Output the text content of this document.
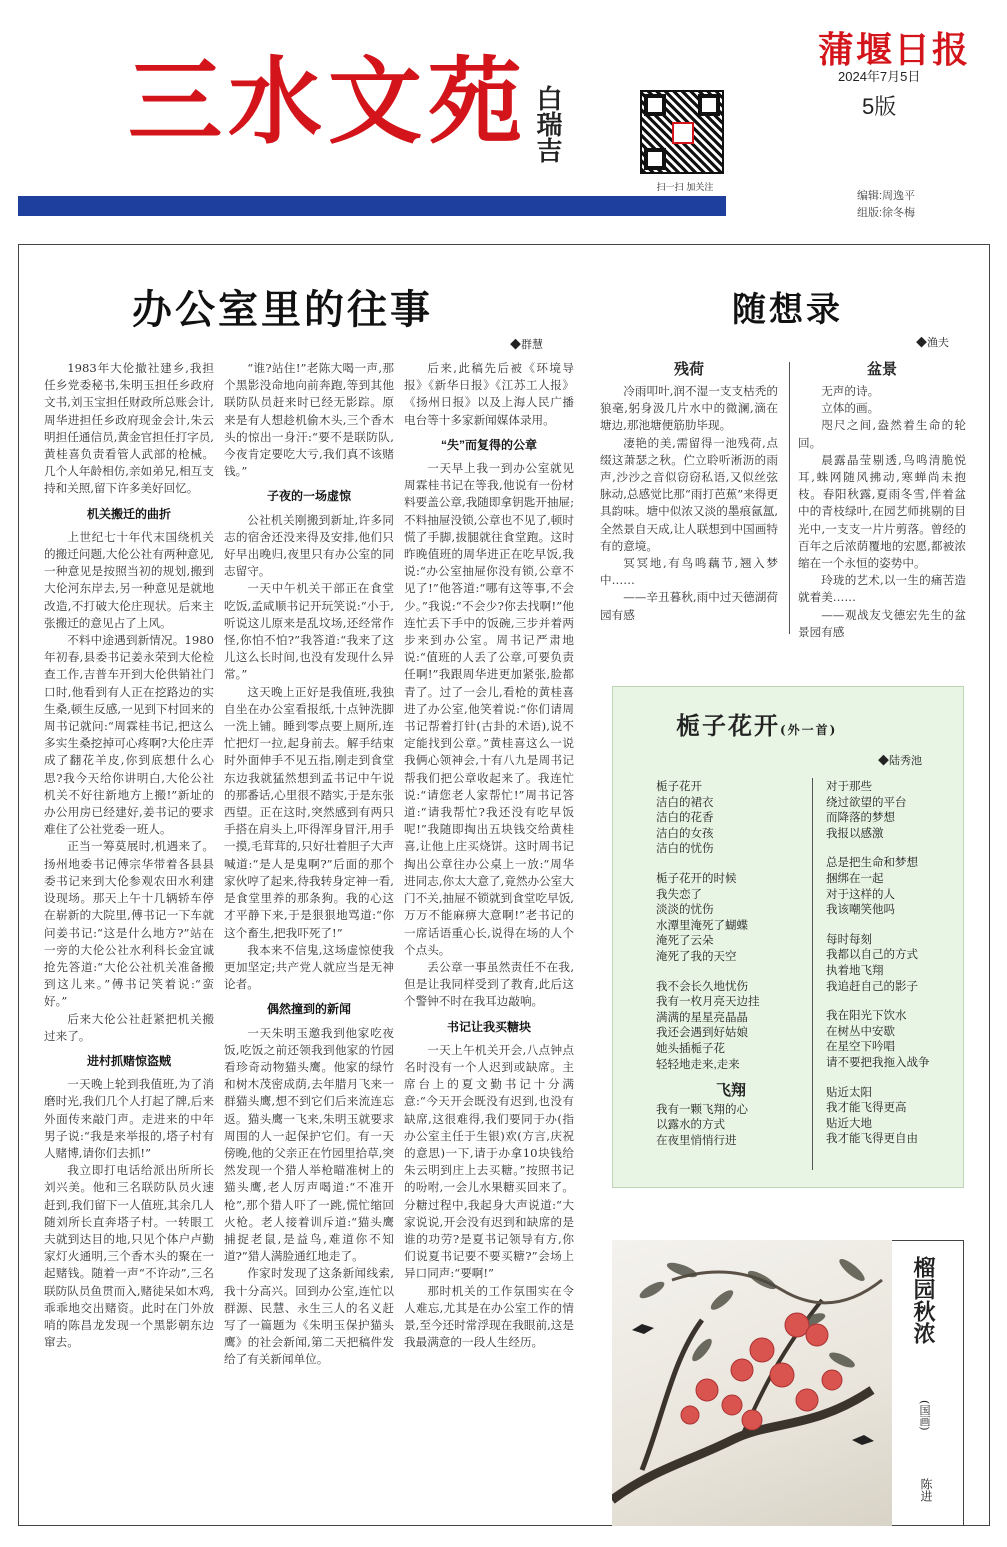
三水文苑 白瑞吉
扫一扫 加关注
蒲堰日报
2024年7月5日
5版
编辑:周逸平
组版:徐冬梅
办公室里的往事
◆群慧

1983年大伦撤社建乡,我担任乡党委秘书,朱明玉担任乡政府文书,刘玉宝担任财政所总账会计,周华进担任乡政府现金会计,朱云明担任通信员,黄金官担任打字员,黄桂喜负责看管人武部的枪械。几个人年龄相仿,亲如弟兄,相互支持和关照,留下许多美好回忆。

机关搬迁的曲折

上世纪七十年代末国绕机关的搬迁问题,大伦公社有两种意见,一种意见是按照当初的规划,搬到大伦河东岸去,另一种意见是就地改造,不打破大伦庄现状。后来主张搬迁的意见占了上风。

不料中途遇到新情况。1980年初春,县委书记姜永荣到大伦检查工作,吉普车开到大伦供销社门口时,他看到有人正在挖路边的实生桑,顿生反感,一见到下村回来的周书记就问:“周霖桂书记,把这么多实生桑挖掉可心疼啊?大伦庄弄成了翻花羊皮,你到底想什么心思?我今天给你讲明白,大伦公社机关不好往新地方上搬!”新址的办公用房已经建好,姜书记的要求难住了公社党委一班人。

正当一筹莫展时,机遇来了。扬州地委书记傅宗华带着各县县委书记来到大伦参观农田水利建设现场。那天上午十几辆轿车停在崭新的大院里,傅书记一下车就问姜书记:“这是什么地方?”站在一旁的大伦公社水利科长金宜诚抢先答道:“大伦公社机关准备搬到这儿来。”傅书记笑着说:“蛮好。”

后来大伦公社赶紧把机关搬过来了。

进村抓赌惊盗贼

一天晚上轮到我值班,为了消磨时光,我们几个人打起了牌,后来外面传来敲门声。走进来的中年男子说:“我是来举报的,塔子村有人赌博,请你们去抓!”

我立即打电话给派出所所长刘兴美。他和三名联防队员火速赶到,我们留下一人值班,其余几人随刘所长直奔塔子村。一转眼工夫就到达目的地,只见个体户卢勤家灯火通明,三个香木头的聚在一起赌钱。随着一声“不许动”,三名联防队员鱼贯而入,赌徒呆如木鸡,乖乖地交出赌资。此时在门外放哨的陈昌龙发现一个黑影朝东边窜去。

“谁?站住!”老陈大喝一声,那个黑影没命地向前奔跑,等到其他联防队员赶来时已经无影踪。原来是有人想趁机偷木头,三个香木头的惊出一身汗:“要不是联防队,今夜肯定要吃大亏,我们真不该赌钱。”

子夜的一场虚惊

公社机关刚搬到新址,许多同志的宿舍还没来得及安排,他们只好早出晚归,夜里只有办公室的同志留守。

一天中午机关干部正在食堂吃饭,孟咸顺书记开玩笑说:“小于,听说这儿原来是乱坟场,还经常作怪,你怕不怕?”我答道:“我来了这儿这么长时间,也没有发现什么异常。”

这天晚上正好是我值班,我独自坐在办公室看报纸,十点钟洗脚一洗上铺。睡到零点要上厕所,连忙把灯一拉,起身前去。解手结束时外面伸手不见五指,刚走到食堂东边我就猛然想到孟书记中午说的那番话,心里很不踏实,于是东张西望。正在这时,突然感到有两只手搭在肩头上,吓得浑身冒汗,用手一摸,毛茸茸的,只好壮着胆子大声喊道:“是人是鬼啊?”后面的那个家伙哼了起来,待我转身定神一看,是食堂里养的那条狗。我的心这才平静下来,于是狠狠地骂道:“你这个畜生,把我吓死了!”

我本来不信鬼,这场虚惊使我更加坚定;共产党人就应当是无神论者。

偶然撞到的新闻

一天朱明玉邀我到他家吃夜饭,吃饭之前还领我到他家的竹园看珍奇动物猫头鹰。他家的绿竹和树木茂密成荫,去年腊月飞来一群猫头鹰,想不到它们后来流连忘返。猫头鹰一飞来,朱明玉就要求周围的人一起保护它们。有一天傍晚,他的父亲正在竹园里拾草,突然发现一个猎人举枪瞄准树上的猫头鹰,老人厉声喝道:“不准开枪”,那个猎人吓了一跳,慌忙缩回火枪。老人接着训斥道:“猫头鹰捕捉老鼠,是益鸟,难道你不知道?”猎人满脸通红地走了。

作家时发现了这条新闻线索,我十分高兴。回到办公室,连忙以群源、民慧、永生三人的名义赶写了一篇题为《朱明玉保护猫头鹰》的社会新闻,第二天把稿件发给了有关新闻单位。

后来,此稿先后被《环境导报》《新华日报》《江苏工人报》《扬州日报》以及上海人民广播电台等十多家新闻媒体录用。

“失”而复得的公章

一天早上我一到办公室就见周霖桂书记在等我,他说有一份材料要盖公章,我随即拿钥匙开抽屉;不料抽屉没锁,公章也不见了,顿时慌了手脚,拔腿就往食堂跑。这时昨晚值班的周华进正在吃早饭,我说:“办公室抽屉你没有锁,公章不见了!”他答道:“哪有这等事,不会少。”我说:“不会少?你去找啊!”他连忙丢下手中的饭碗,三步并着两步来到办公室。周书记严肃地说:“值班的人丢了公章,可要负责任啊!”我跟周华进更加紧张,脸都青了。过了一会儿,看枪的黄桂喜进了办公室,他笑着说:“你们请周书记帮着打针(古卦的术语),说不定能找到公章。”黄桂喜这么一说我俩心领神会,十有八九是周书记帮我们把公章收起来了。我连忙说:“请您老人家帮忙!”周书记答道:“请我帮忙?我还没有吃早饭呢!”我随即掏出五块钱交给黄桂喜,让他上庄买烧饼。这时周书记掏出公章往办公桌上一放:“周华进同志,你太大意了,竟然办公室大门不关,抽屉不锁就到食堂吃早饭,万万不能麻痹大意啊!”老书记的一席话语重心长,说得在场的人个个点头。

丢公章一事虽然责任不在我,但是让我同样受到了教育,此后这个警钟不时在我耳边敲响。

书记让我买糖块

一天上午机关开会,八点钟点名时没有一个人迟到或缺席。主席台上的夏文勤书记十分满意:“今天开会既没有迟到,也没有缺席,这很难得,我们要同于办(指办公室主任于生银)欢(方言,庆祝的意思)一下,请于办拿10块钱给朱云明到庄上去买糖。”按照书记的吩咐,一会儿水果糖买回来了。分糖过程中,我起身大声说道:“大家说说,开会没有迟到和缺席的是谁的功劳?是夏书记领导有方,你们说夏书记要不要买糖?”会场上异口同声:“要啊!”

那时机关的工作氛围实在令人难忘,尤其是在办公室工作的情景,至今还时常浮现在我眼前,这是我最满意的一段人生经历。

随想录
◆渔夫
残荷

冷雨叩叶,润不湿一支支枯秃的狼毫,躬身汲几片水中的微澜,滴在塘边,那池塘便筋肋毕现。

凄艳的美,需留得一池残荷,点缀这萧瑟之秋。伫立聆听淅沥的雨声,沙沙之音似窃窃私语,又似丝弦脉动,总感觉比那“雨打芭蕉”来得更具韵味。塘中似浓又淡的墨痕氤氲,全然景自天成,让人联想到中国画特有的意境。

冥冥地,有鸟鸣藕节,翘入梦中……

——辛丑暮秋,雨中过天德湖荷园有感

盆景

无声的诗。

立体的画。

咫尺之间,盎然着生命的轮回。

晨露晶莹剔透,鸟鸣清脆悦耳,蛛网随风拂动,寒蝉尚未抱枝。春阳秋露,夏雨冬雪,伴着盆中的青枝绿叶,在园艺师挑剔的目光中,一支支一片片剪落。曾经的百年之后浓荫覆地的宏愿,都被浓缩在一个永恒的姿势中。

玲珑的艺术,以一生的痛苦造就着美……

——观战友戈德宏先生的盆景园有感

栀子花开(外一首)
◆陆秀池
栀子花开
洁白的裙衣
洁白的花香
洁白的女孩
洁白的忧伤
栀子花开的时候
我失恋了
淡淡的忧伤
水潭里淹死了蝴蝶
淹死了云朵
淹死了我的天空
我不会长久地忧伤
我有一枚月亮天边挂
满满的星星亮晶晶
我还会遇到好姑娘
她头插栀子花
轻轻地走来,走来
飞翔
我有一颗飞翔的心
以露水的方式
在夜里悄悄行进
对于那些
绕过欲望的平台
而降落的梦想
我报以感激
总是把生命和梦想
捆绑在一起
对于这样的人
我该嘲笑他吗
每时每刻
我都以自己的方式
执着地飞翔
我追赶自己的影子
我在阳光下饮水
在树丛中安歇
在星空下吟唱
请不要把我拖入战争
贴近太阳
我才能飞得更高
贴近大地
我才能飞得更自由
榴园秋浓
(国画)
陈进
